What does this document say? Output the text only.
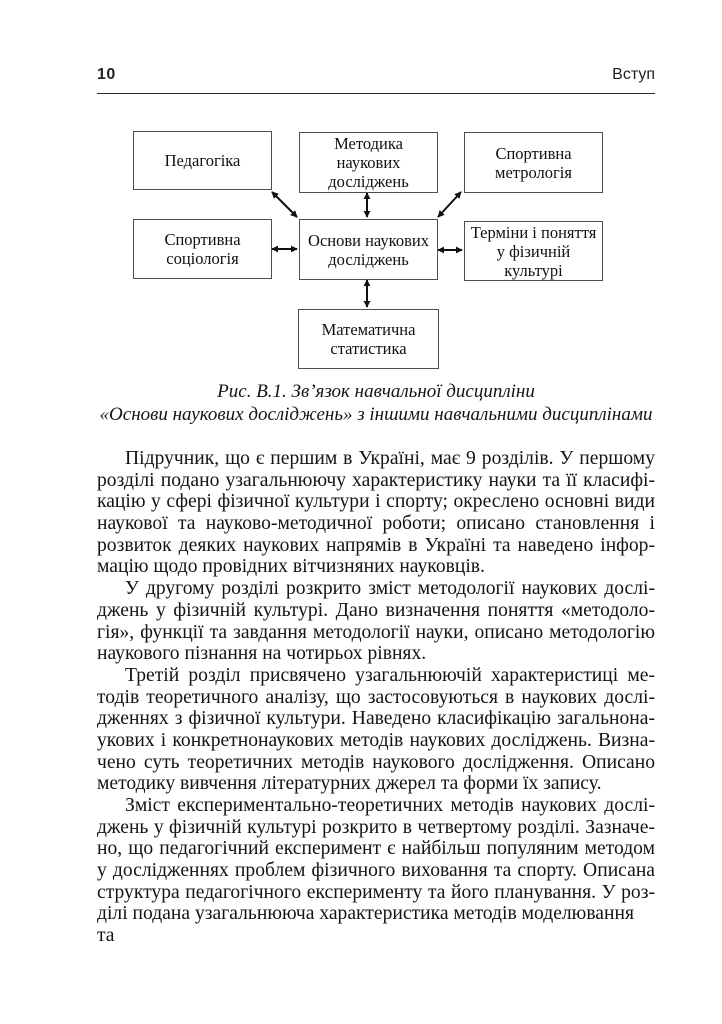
10	Вступ
Педагогіка
Методика
наукових
досліджень
Спортивна
метрологія
Спортивна
соціологія
Основи наукових
досліджень
Терміни і поняття
у фізичній
культурі
Математична
статистика
Рис. В.1. Зв’язок навчальної дисципліни
«Основи наукових досліджень» з іншими навчальними дисциплінами
Підручник, що є першим в Україні, має 9 розділів. У першому
розділі подано узагальнюючу характеристику науки та її класифі-
кацію у сфері фізичної культури і спорту; окреслено основні види
наукової та науково-методичної роботи; описано становлення і
розвиток деяких наукових напрямів в Україні та наведено інфор-
мацію щодо провідних вітчизняних науковців.
У другому розділі розкрито зміст методології наукових дослі-
джень у фізичній культурі. Дано визначення поняття «методоло-
гія», функції та завдання методології науки, описано методологію
наукового пізнання на чотирьох рівнях.
Третій розділ присвячено узагальнюючій характеристиці ме-
тодів теоретичного аналізу, що застосовуються в наукових дослі-
дженнях з фізичної культури. Наведено класифікацію загальнона-
укових і конкретнонаукових методів наукових досліджень. Визна-
чено суть теоретичних методів наукового дослідження. Описано
методику вивчення літературних джерел та форми їх запису.
Зміст експериментально-теоретичних методів наукових дослі-
джень у фізичній культурі розкрито в четвертому розділі. Зазначе-
но, що педагогічний експеримент є найбільш популяним методом
у дослідженнях проблем фізичного виховання та спорту. Описана
структура педагогічного експерименту та його планування. У роз-
ділі подана узагальнююча характеристика методів моделювання та
